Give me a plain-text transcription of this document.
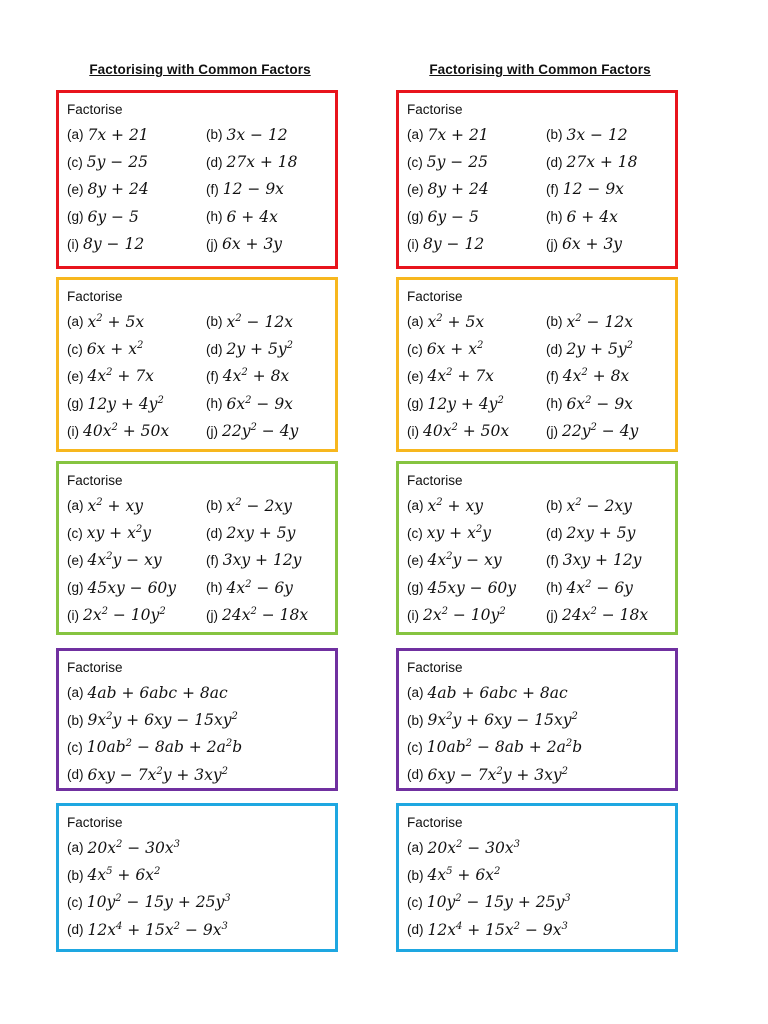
Factorising with Common Factors
Factorise
(a) 7x + 21	(b) 3x − 12
(c) 5y − 25	(d) 27x + 18
(e) 8y + 24	(f) 12 − 9x
(g) 6y − 5	(h) 6 + 4x
(i) 8y − 12	(j) 6x + 3y
Factorise
(a) $x^2 + 5x$	(b) $x^2 - 12x$
(c) $6x + x^2$	(d) $2y + 5y^2$
(e) $4x^2 + 7x$	(f) $4x^2 + 8x$
(g) $12y + 4y^2$	(h) $6x^2 - 9x$
(i) $40x^2 + 50x$	(j) $22y^2 - 4y$
Factorise
(a) $x^2$ + xy	(b) $x^2 - 2xy$
(c) xy + $x^2y$	(d) 2xy + 5y
(e) $4x^2y$ − xy	(f) 3xy + 12y
(g) 45xy − 60y (h) $4x^2 - 6y$
(i) $2x^2 - 10y^2$	(j) $24x^2 - 18x$
Factorise
(a) 4ab + 6abc + 8ac
(b) $9x^2y + 6xy - 15xy^2$
(c) $10ab^2 - 8ab + 2a^2b$
(d) $6xy - 7x^2y + 3xy^2$
Factorise
(a) $20x^2 - 30x^3$
(b) $4x^5 + 6x^2$
(c) $10y^2 - 15y + 25y^3$
(d) $12x^4 + 15x^2 - 9x^3$
Factorising with Common Factors
Factorise
(a) 7x + 21	(b) 3x − 12
(c) 5y − 25	(d) 27x + 18
(e) 8y + 24	(f) 12 − 9x
(g) 6y − 5	(h) 6 + 4x
(i) 8y − 12	(j) 6x + 3y
Factorise
(a) $x^2 + 5x$	(b) $x^2 - 12x$
(c) $6x + x^2$	(d) $2y + 5y^2$
(e) $4x^2 + 7x$	(f) $4x^2 + 8x$
(g) $12y + 4y^2$	(h) $6x^2 - 9x$
(i) $40x^2 + 50x$	(j) $22y^2 - 4y$
Factorise
(a) $x^2$ + xy	(b) $x^2 - 2xy$
(c) xy + $x^2y$	(d) 2xy + 5y
(e) $4x^2y$ − xy	(f) 3xy + 12y
(g) 45xy − 60y (h) $4x^2 - 6y$
(i) $2x^2 - 10y^2$	(j) $24x^2 - 18x$
Factorise
(a) 4ab + 6abc + 8ac
(b) $9x^2y + 6xy - 15xy^2$
(c) $10ab^2 - 8ab + 2a^2b$
(d) $6xy - 7x^2y + 3xy^2$
Factorise
(a) $20x^2 - 30x^3$
(b) $4x^5 + 6x^2$
(c) $10y^2 - 15y + 25y^3$
(d) $12x^4 + 15x^2 - 9x^3$
